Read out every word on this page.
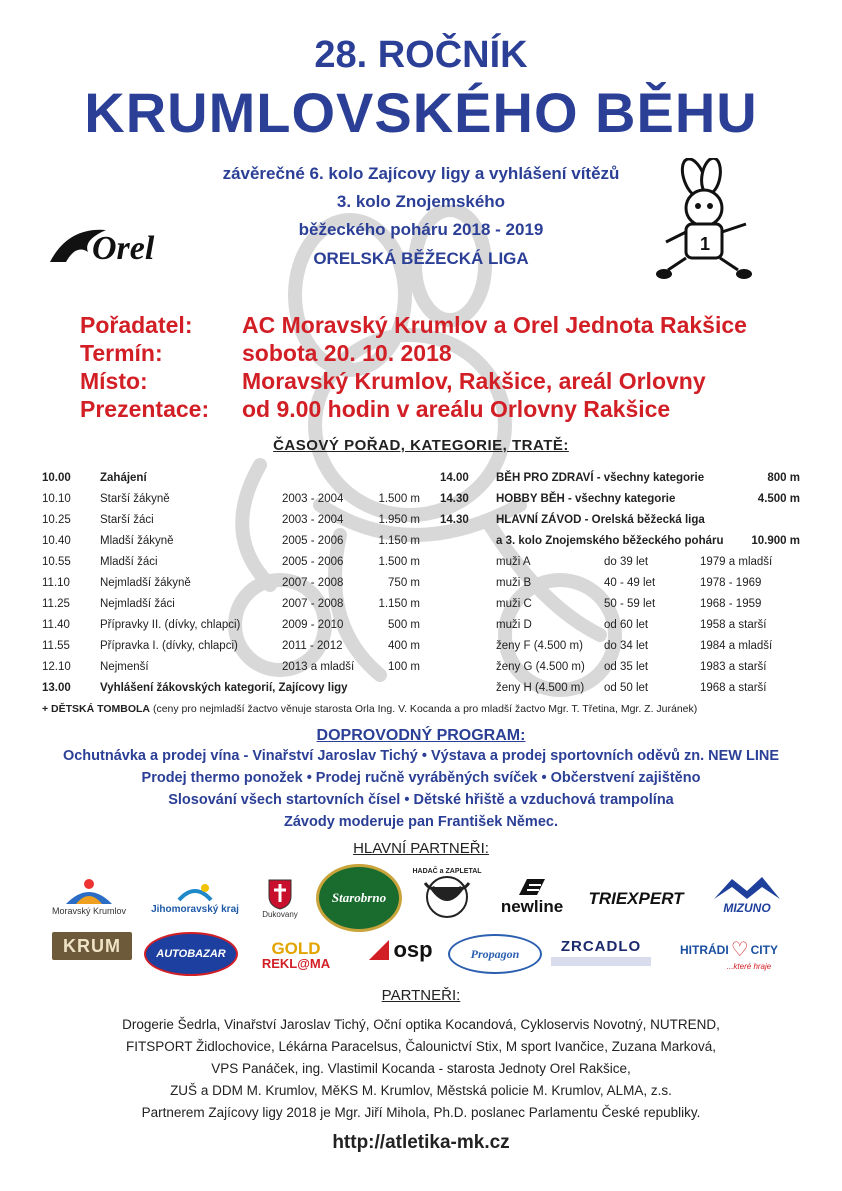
28. ROČNÍK
KRUMLOVSKÉHO BĚHU
závěrečné 6. kolo Zajícovy ligy a vyhlášení vítězů
3. kolo Znojemského
běžeckého poháru 2018 - 2019
ORELSKÁ BĚŽECKÁ LIGA
Orel	1
Pořadatel: AC Moravský Krumlov a Orel Jednota Rakšice
Termín:	sobota 20. 10. 2018
Místo:	Moravský Krumlov, Rakšice, areál Orlovny
Prezentace: od 9.00 hodin v areálu Orlovny Rakšice
ČASOVÝ POŘAD, KATEGORIE, TRATĚ:
10.00	Zahájení
10.10	Starší žákyně	2003 - 2004	1.500 m
10.25	Starší žáci	2003 - 2004	1.950 m
10.40	Mladší žákyně	2005 - 2006	1.150 m
10.55	Mladší žáci	2005 - 2006	1.500 m
11.10	Nejmladší žákyně	2007 - 2008	750 m
11.25	Nejmladší žáci	2007 - 2008	1.150 m
11.40	Přípravky II. (dívky, chlapci)	2009 - 2010	500 m
11.55	Přípravka I. (dívky, chlapci)	2011 - 2012	400 m
12.10	Nejmenší	2013 a mladší	100 m
13.00	Vyhlášení žákovských kategorií, Zajícovy ligy
14.00 BĚH PRO ZDRAVÍ - všechny kategorie	800 m
14.30 HOBBY BĚH - všechny kategorie	4.500 m
14.30 HLAVNÍ ZÁVOD - Orelská běžecká liga
a 3. kolo Znojemského běžeckého poháru	10.900 m
muži A	do 39 let	1979 a mladší
muži B	40 - 49 let	1978 - 1969
muži C	50 - 59 let	1968 - 1959
muži D	od 60 let	1958 a starší
ženy F (4.500 m) do 34 let	1984 a mladší
ženy G (4.500 m) od 35 let	1983 a starší
ženy H (4.500 m) od 50 let	1968 a starší
+ DĚTSKÁ TOMBOLA (ceny pro nejmladší žactvo věnuje starosta Orla Ing. V. Kocanda a pro mladší žactvo Mgr. T. Třetina, Mgr. Z. Juránek)
DOPROVODNÝ PROGRAM:
Ochutnávka a prodej vína - Vinařství Jaroslav Tichý • Výstava a prodej sportovních oděvů zn. NEW LINE
Prodej thermo ponožek • Prodej ručně vyráběných svíček • Občerstvení zajištěno
Slosování všech startovních čísel • Dětské hřiště a vzduchová trampolína
Závody moderuje pan František Němec.
HLAVNÍ PARTNEŘI:
Moravský Krumlov	Jihomoravský kraj	Dukovany
Starobrno
HADAČ a ZAPLETAL
newline TRIEXPERT	MIZUNO
KRUM	AUTOBAZAR	GOLD
REKL@MA
osp	Propagon	ZRCADLO	HITRÁDI ♡ CITY
...které hraje
PARTNEŘI:
Drogerie Šedrla, Vinařství Jaroslav Tichý, Oční optika Kocandová, Cykloservis Novotný, NUTREND,
FITSPORT Židlochovice, Lékárna Paracelsus, Čalounictví Stix, M sport Ivančice, Zuzana Marková,
VPS Panáček, ing. Vlastimil Kocanda - starosta Jednoty Orel Rakšice,
ZUŠ a DDM M. Krumlov, MěKS M. Krumlov, Městská policie M. Krumlov, ALMA, z.s.
Partnerem Zajícovy ligy 2018 je Mgr. Jiří Mihola, Ph.D. poslanec Parlamentu České republiky.
http://atletika-mk.cz
